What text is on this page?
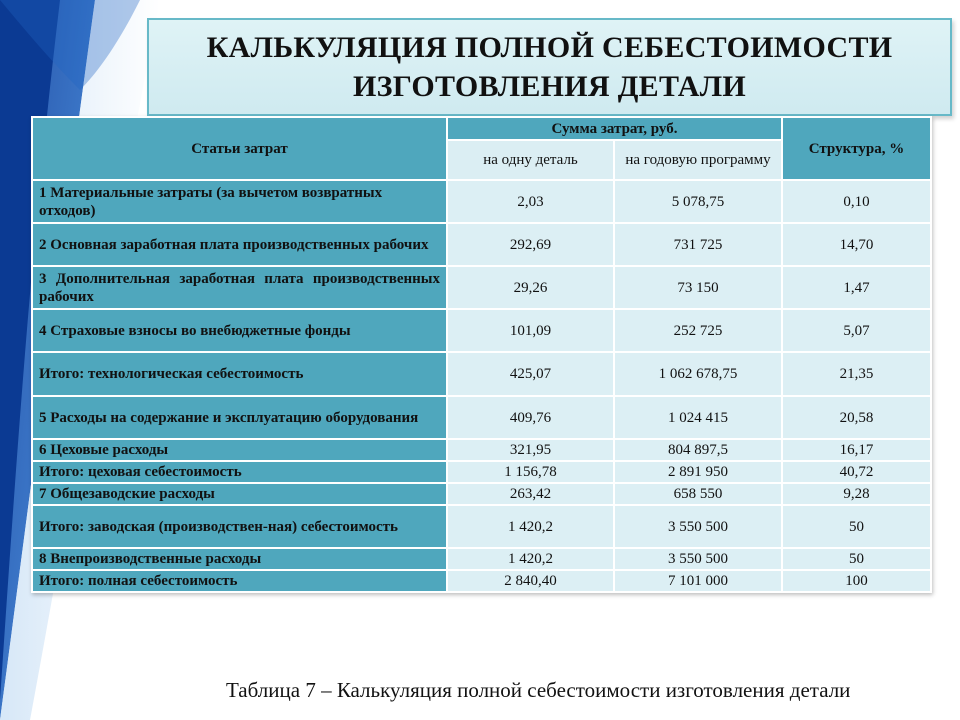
КАЛЬКУЛЯЦИЯ ПОЛНОЙ СЕБЕСТОИМОСТИ ИЗГОТОВЛЕНИЯ ДЕТАЛИ
Статьи затрат	Сумма затрат, руб.		Структура, %
	на одну деталь	на годовую программу	
1 Материальные затраты (за вычетом возвратных отходов)	2,03	5 078,75	0,10
2 Основная заработная плата производственных рабочих	292,69	731 725	14,70
3 Дополнительная заработная плата производственных рабочих	29,26	73 150	1,47
4 Страховые взносы во внебюджетные фонды	101,09	252 725	5,07
Итого: технологическая себестоимость	425,07	1 062 678,75	21,35
5 Расходы на содержание и эксплуатацию оборудования	409,76	1 024 415	20,58
6 Цеховые расходы	321,95	804 897,5	16,17
Итого: цеховая себестоимость	1 156,78	2 891 950	40,72
7 Общезаводские расходы	263,42	658 550	9,28
Итого: заводская (производствен-ная) себестоимость	1 420,2	3 550 500	50
8 Внепроизводственные расходы	1 420,2	3 550 500	50
Итого: полная себестоимость	2 840,40	7 101 000	100
Таблица 7 – Калькуляция полной себестоимости изготовления детали
